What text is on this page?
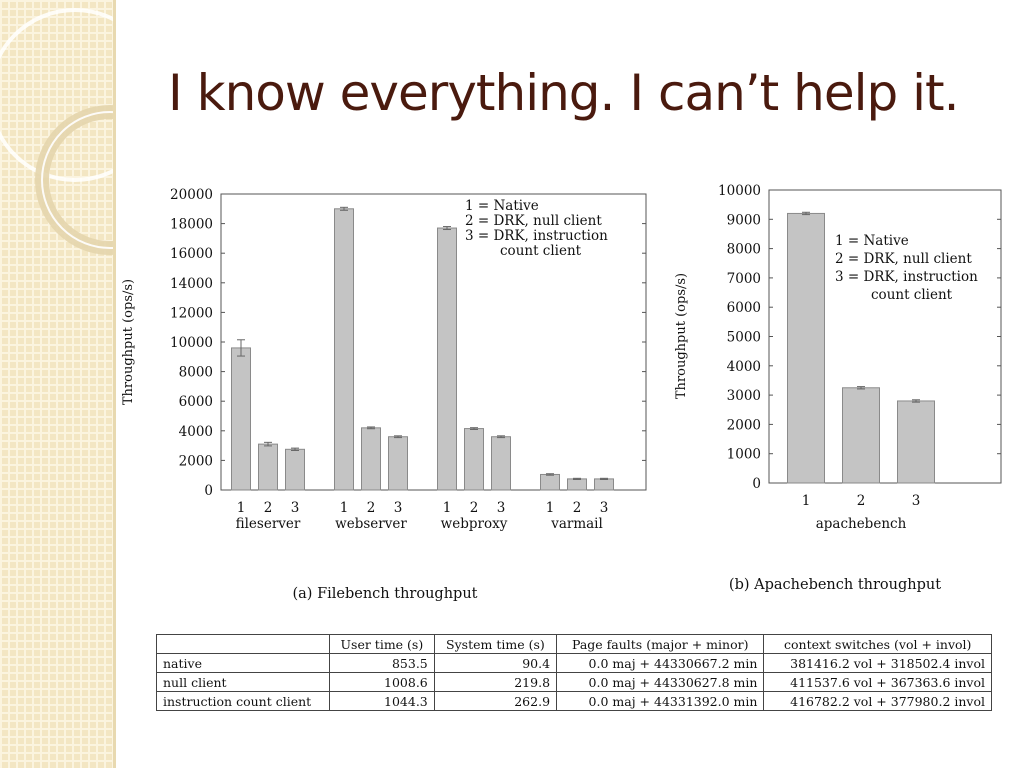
I know everything. I can’t help it.
Throughput (ops/s)
(a) Filebench throughput
1 = Native
2 = DRK, null client
3 = DRK, instruction
count client
0
2000
4000
6000
8000
10000
12000
14000
16000
18000
20000
1 2 3
fileserver
1 2 3
webserver
1 2 3
webproxy
1 2 3
varmail
Throughput (ops/s)
(b) Apachebench throughput
1 = Native
2 = DRK, null client
3 = DRK, instruction
count client
0
1000
2000
3000
4000
5000
6000
7000
8000
9000
10000
1	2	3
apachebench
	User time (s)	System time (s)	Page faults (major + minor)	context switches (vol + invol)
native	853.5	90.4	0.0 maj + 44330667.2 min	381416.2 vol + 318502.4 invol
null client	1008.6	219.8	0.0 maj + 44330627.8 min	411537.6 vol + 367363.6 invol
instruction count client	1044.3	262.9	0.0 maj + 44331392.0 min	416782.2 vol + 377980.2 invol
